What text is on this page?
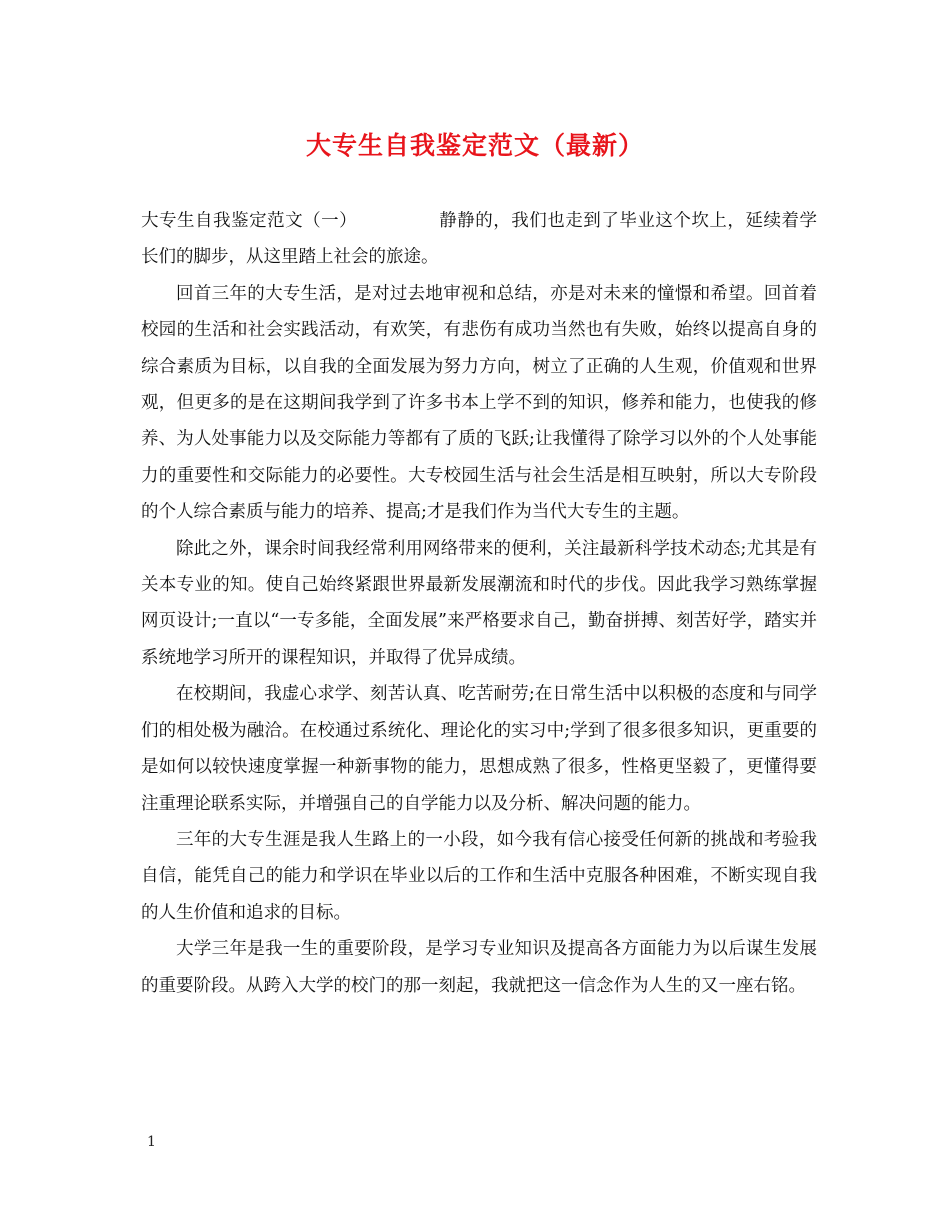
大专生自我鉴定范文（最新）

大专生自我鉴定范文（一）	静静的，我们也走到了毕业这个坎上，延续着学长们的脚步，从这里踏上社会的旅途。

回首三年的大专生活，是对过去地审视和总结，亦是对未来的憧憬和希望。回首着校园的生活和社会实践活动，有欢笑，有悲伤有成功当然也有失败，始终以提高自身的综合素质为目标，以自我的全面发展为努力方向，树立了正确的人生观，价值观和世界观，但更多的是在这期间我学到了许多书本上学不到的知识，修养和能力，也使我的修养、为人处事能力以及交际能力等都有了质的飞跃;让我懂得了除学习以外的个人处事能力的重要性和交际能力的必要性。大专校园生活与社会生活是相互映射，所以大专阶段的个人综合素质与能力的培养、提高;才是我们作为当代大专生的主题。

除此之外，课余时间我经常利用网络带来的便利，关注最新科学技术动态;尤其是有关本专业的知。使自己始终紧跟世界最新发展潮流和时代的步伐。因此我学习熟练掌握网页设计;一直以“一专多能，全面发展”来严格要求自己，勤奋拼搏、刻苦好学，踏实并系统地学习所开的课程知识，并取得了优异成绩。

在校期间，我虚心求学、刻苦认真、吃苦耐劳;在日常生活中以积极的态度和与同学们的相处极为融洽。在校通过系统化、理论化的实习中;学到了很多很多知识，更重要的是如何以较快速度掌握一种新事物的能力，思想成熟了很多，性格更坚毅了，更懂得要注重理论联系实际，并增强自己的自学能力以及分析、解决问题的能力。

三年的大专生涯是我人生路上的一小段，如今我有信心接受任何新的挑战和考验我自信，能凭自己的能力和学识在毕业以后的工作和生活中克服各种困难，不断实现自我的人生价值和追求的目标。

大学三年是我一生的重要阶段，是学习专业知识及提高各方面能力为以后谋生发展的重要阶段。从跨入大学的校门的那一刻起，我就把这一信念作为人生的又一座右铭。

1
